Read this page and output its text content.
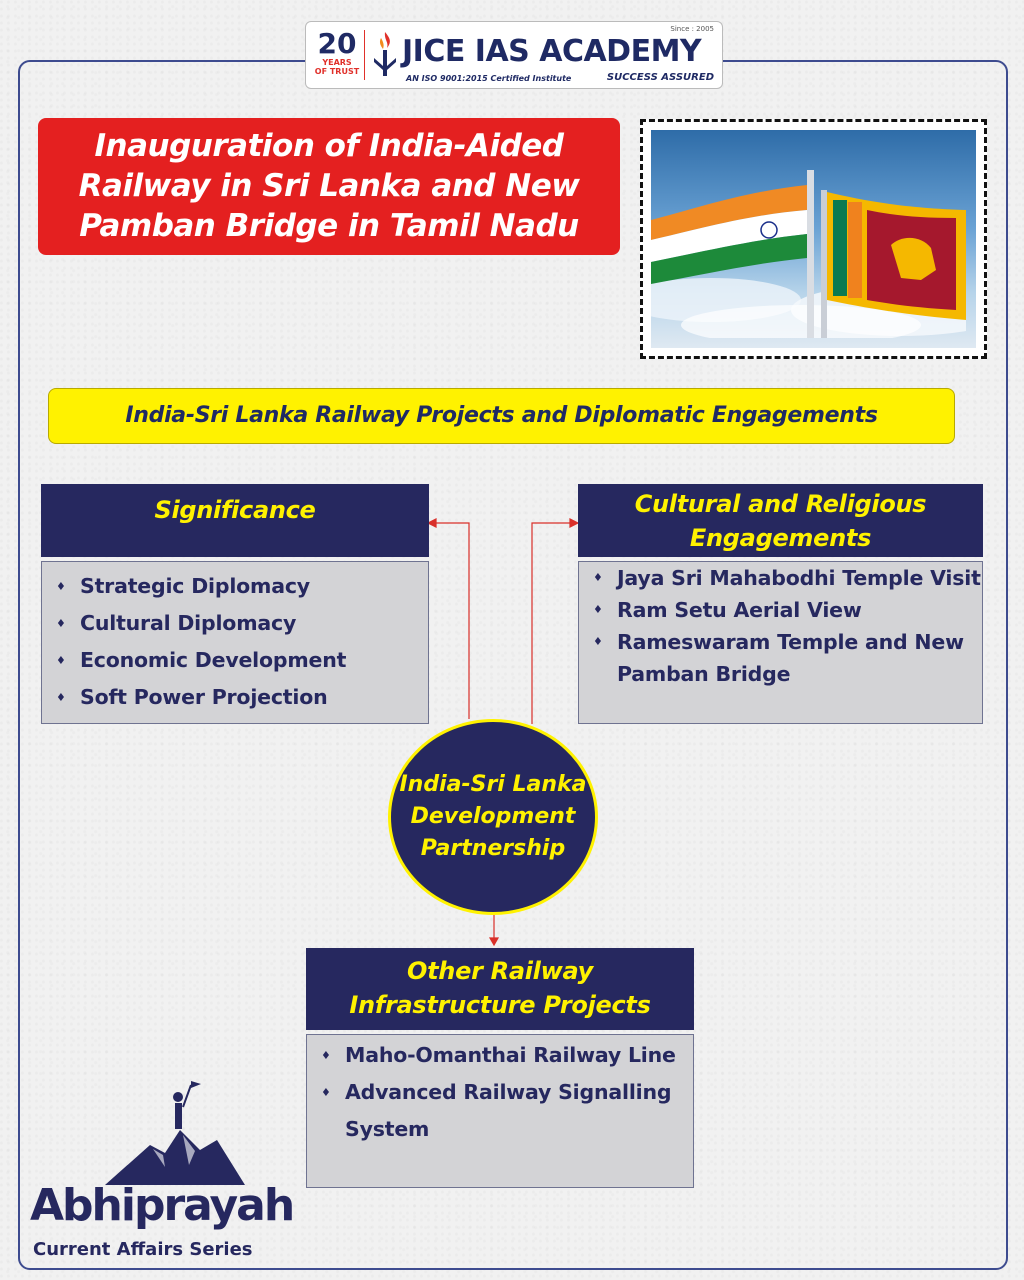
20
YEARS
OF TRUST
JICE IAS ACADEMY
Since : 2005
AN ISO 9001:2015 Certified Institute	SUCCESS ASSURED
Inauguration of India-Aided Railway in Sri Lanka and New Pamban Bridge in Tamil Nadu
India-Sri Lanka Railway Projects and Diplomatic Engagements
Significance
♦ Strategic Diplomacy
♦ Cultural Diplomacy
♦ Economic Development
♦ Soft Power Projection
Cultural and Religious Engagements
♦ Jaya Sri Mahabodhi Temple Visit
♦ Ram Setu Aerial View
♦ Rameswaram Temple and New Pamban Bridge
India-Sri Lanka Development Partnership
Other Railway Infrastructure Projects
♦ Maho-Omanthai Railway Line
♦ Advanced Railway Signalling System
Abhiprayah
Current Affairs Series
